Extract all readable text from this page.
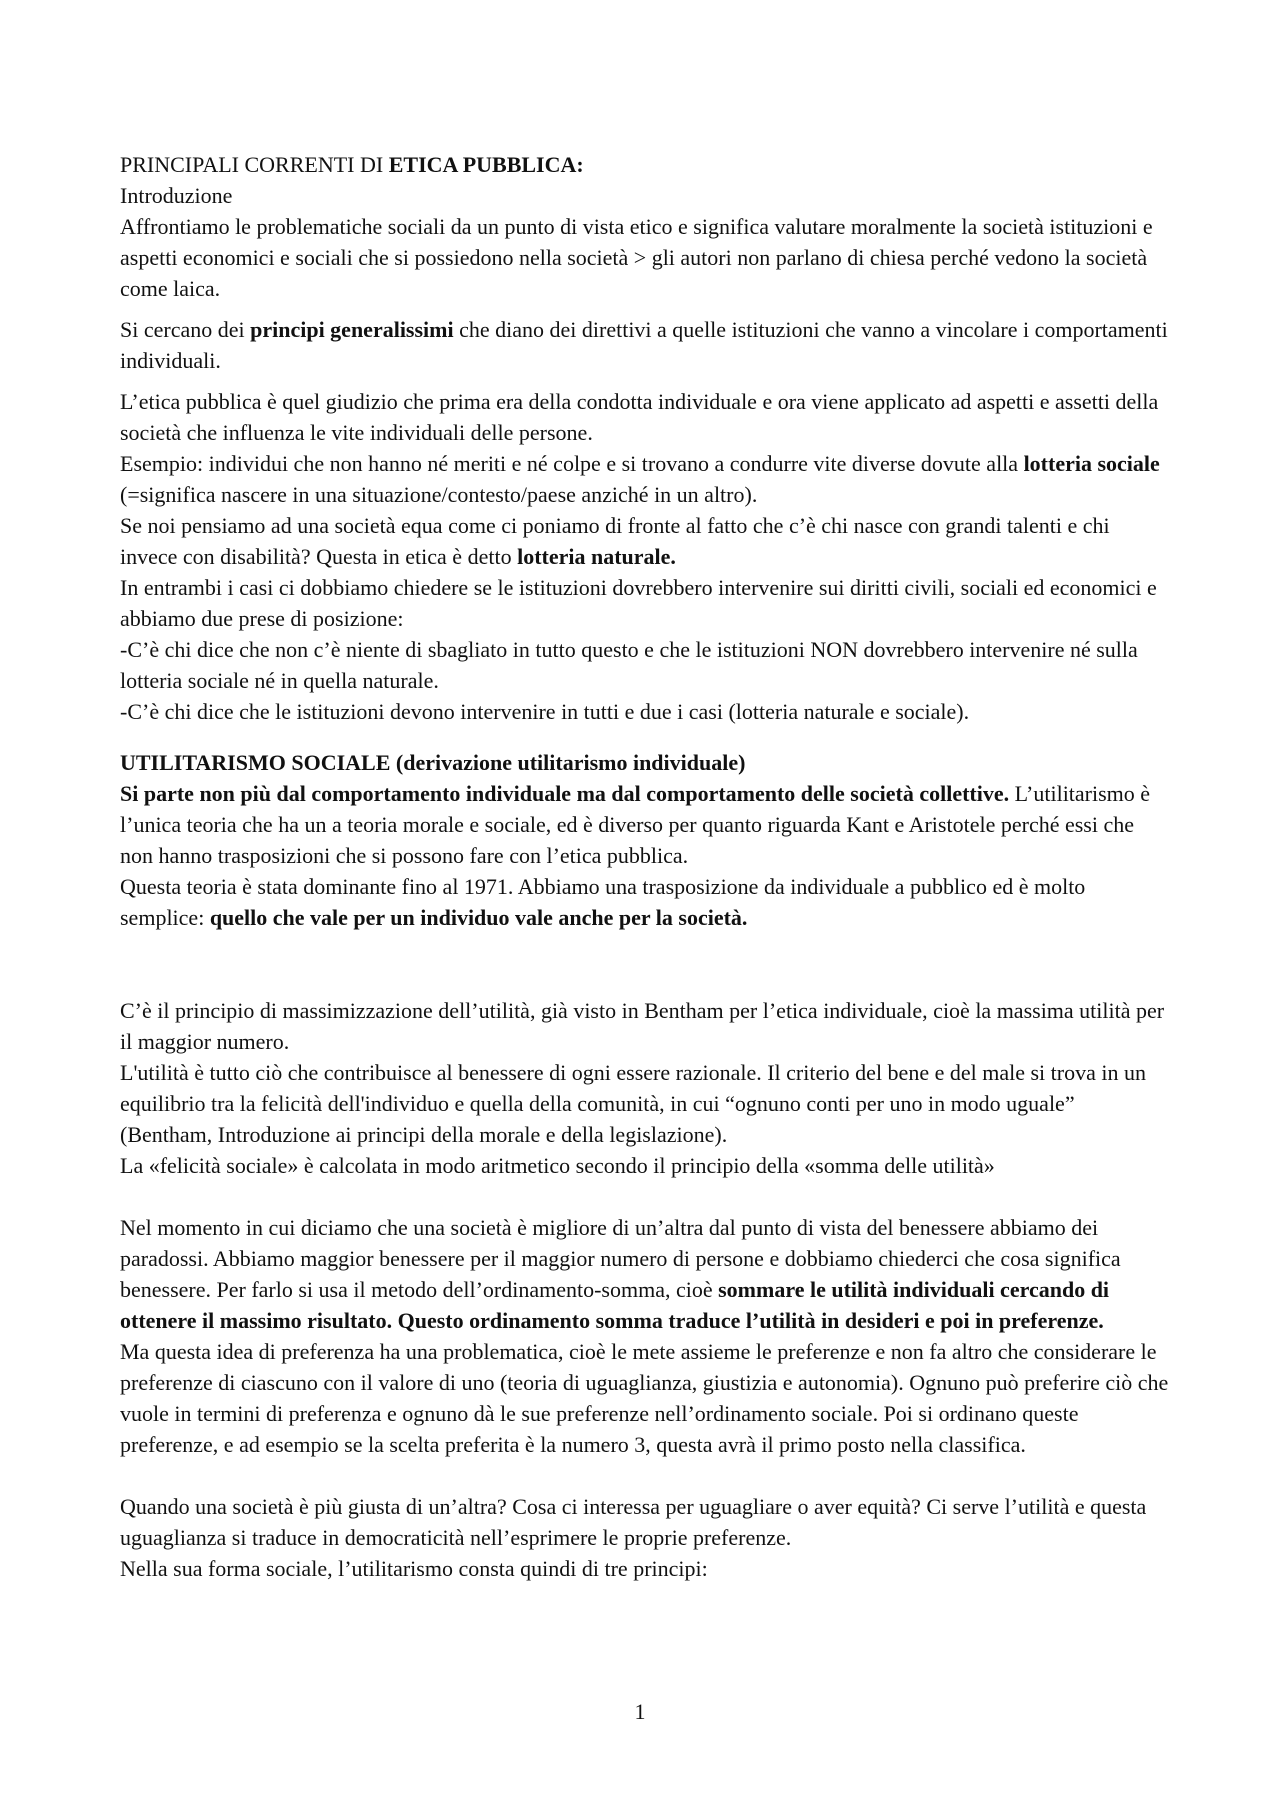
PRINCIPALI CORRENTI DI ETICA PUBBLICA:

Introduzione

Affrontiamo le problematiche sociali da un punto di vista etico e significa valutare moralmente la società istituzioni e aspetti economici e sociali che si possiedono nella società > gli autori non parlano di chiesa perché vedono la società come laica.

Si cercano dei principi generalissimi che diano dei direttivi a quelle istituzioni che vanno a vincolare i comportamenti individuali.

L’etica pubblica è quel giudizio che prima era della condotta individuale e ora viene applicato ad aspetti e assetti della società che influenza le vite individuali delle persone.

Esempio: individui che non hanno né meriti e né colpe e si trovano a condurre vite diverse dovute alla lotteria sociale (=significa nascere in una situazione/contesto/paese anziché in un altro).

Se noi pensiamo ad una società equa come ci poniamo di fronte al fatto che c’è chi nasce con grandi talenti e chi invece con disabilità? Questa in etica è detto lotteria naturale.

In entrambi i casi ci dobbiamo chiedere se le istituzioni dovrebbero intervenire sui diritti civili, sociali ed economici e abbiamo due prese di posizione:

-C’è chi dice che non c’è niente di sbagliato in tutto questo e che le istituzioni NON dovrebbero intervenire né sulla lotteria sociale né in quella naturale.

-C’è chi dice che le istituzioni devono intervenire in tutti e due i casi (lotteria naturale e sociale).

UTILITARISMO SOCIALE (derivazione utilitarismo individuale)

Si parte non più dal comportamento individuale ma dal comportamento delle società collettive. L’utilitarismo è l’unica teoria che ha un a teoria morale e sociale, ed è diverso per quanto riguarda Kant e Aristotele perché essi che non hanno trasposizioni che si possono fare con l’etica pubblica.

Questa teoria è stata dominante fino al 1971. Abbiamo una trasposizione da individuale a pubblico ed è molto semplice: quello che vale per un individuo vale anche per la società.

C’è il principio di massimizzazione dell’utilità, già visto in Bentham per l’etica individuale, cioè la massima utilità per il maggior numero.

L'utilità è tutto ciò che contribuisce al benessere di ogni essere razionale. Il criterio del bene e del male si trova in un equilibrio tra la felicità dell'individuo e quella della comunità, in cui “ognuno conti per uno in modo uguale” (Bentham, Introduzione ai principi della morale e della legislazione).

La «felicità sociale» è calcolata in modo aritmetico secondo il principio della «somma delle utilità»

Nel momento in cui diciamo che una società è migliore di un’altra dal punto di vista del benessere abbiamo dei paradossi. Abbiamo maggior benessere per il maggior numero di persone e dobbiamo chiederci che cosa significa benessere. Per farlo si usa il metodo dell’ordinamento-somma, cioè sommare le utilità individuali cercando di ottenere il massimo risultato. Questo ordinamento somma traduce l’utilità in desideri e poi in preferenze.

Ma questa idea di preferenza ha una problematica, cioè le mete assieme le preferenze e non fa altro che considerare le preferenze di ciascuno con il valore di uno (teoria di uguaglianza, giustizia e autonomia). Ognuno può preferire ciò che vuole in termini di preferenza e ognuno dà le sue preferenze nell’ordinamento sociale. Poi si ordinano queste preferenze, e ad esempio se la scelta preferita è la numero 3, questa avrà il primo posto nella classifica.

Quando una società è più giusta di un’altra? Cosa ci interessa per uguagliare o aver equità? Ci serve l’utilità e questa uguaglianza si traduce in democraticità nell’esprimere le proprie preferenze.

Nella sua forma sociale, l’utilitarismo consta quindi di tre principi:

1
